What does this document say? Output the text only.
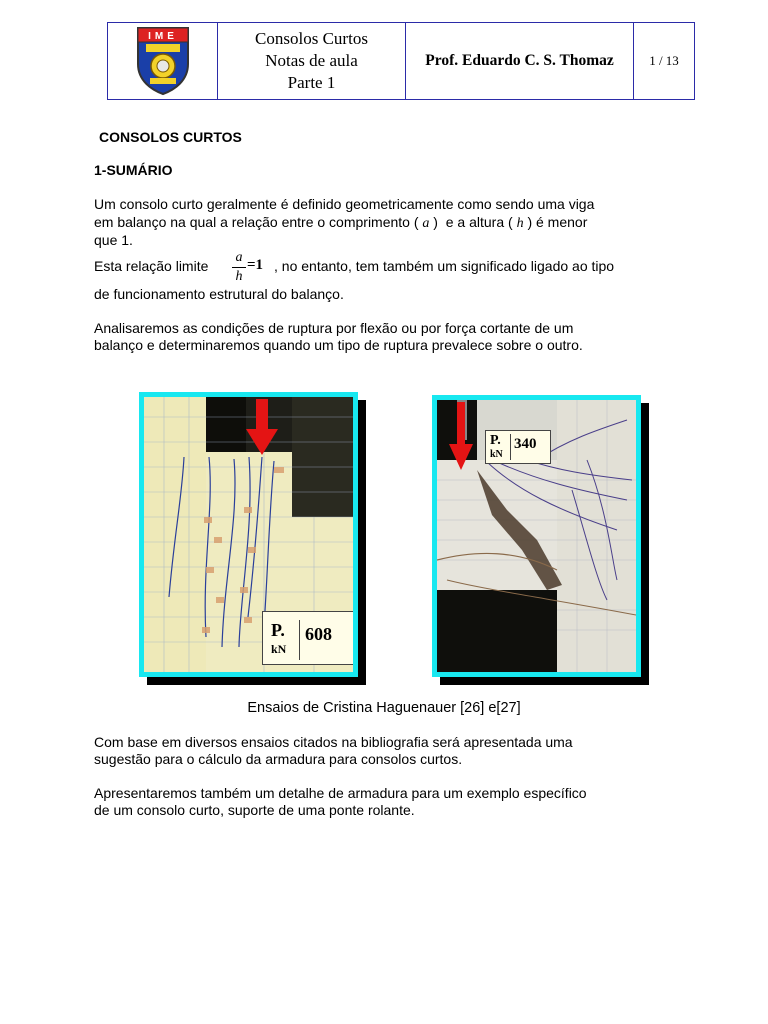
IME	Consolos Curtos
Notas de aula
Parte 1
Prof. Eduardo C. S. Thomaz	1 / 13
CONSOLOS CURTOS
1-SUMÁRIO
Um consolo curto geralmente é definido geometricamente como sendo uma viga
em balanço na qual a relação entre o comprimento ( a )  e a altura ( h ) é menor
que 1.
Esta relação limite
a
h
=1 , no entanto, tem também um significado ligado ao tipo
de funcionamento estrutural do balanço.
Analisaremos as condições de ruptura por flexão ou por força cortante de um
balanço e determinaremos quando um tipo de ruptura prevalece sobre o outro.
P.
kN
608
P.
kN
340
Ensaios de Cristina Haguenauer [26] e[27]
Com base em diversos ensaios citados na bibliografia será apresentada uma
sugestão para o cálculo da armadura para consolos curtos.
Apresentaremos também um detalhe de armadura para um exemplo específico
de um consolo curto, suporte de uma ponte rolante.
